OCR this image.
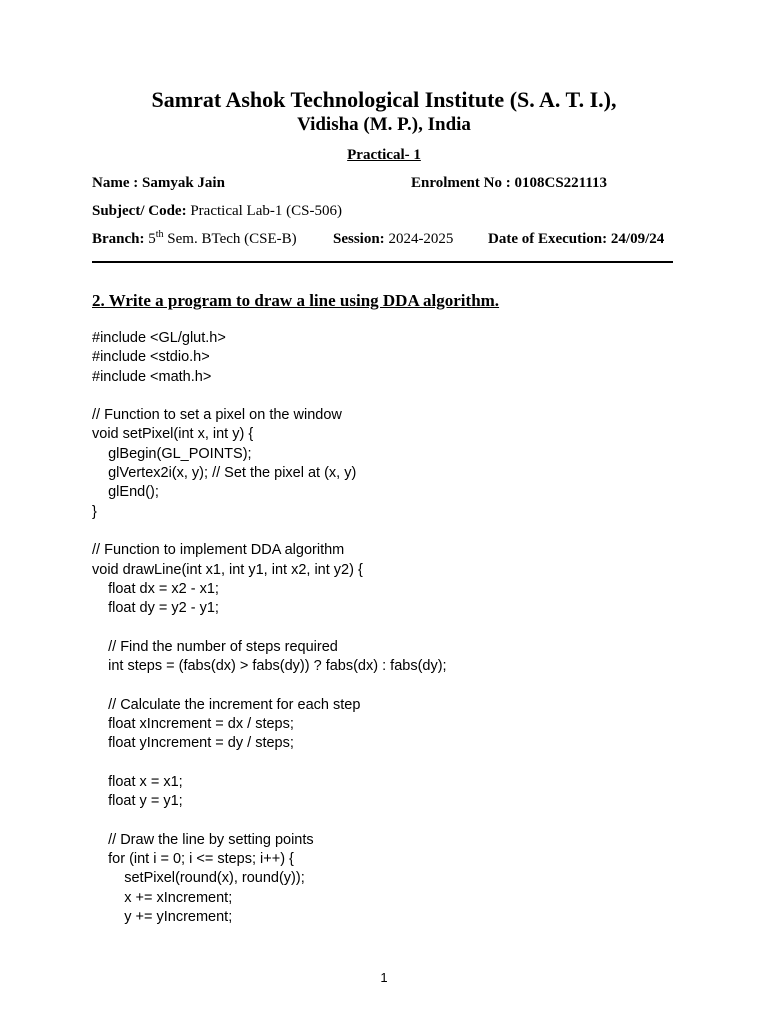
Samrat Ashok Technological Institute (S. A. T. I.),
Vidisha (M. P.), India
Practical- 1
Name : Samyak Jain	Enrolment No : 0108CS221113
Subject/ Code: Practical Lab-1 (CS-506)
Branch: 5th Sem. BTech (CSE-B) Session: 2024-2025 Date of Execution: 24/09/24
2. Write a program to draw a line using DDA algorithm.
#include <GL/glut.h>
#include <stdio.h>
#include <math.h>
// Function to set a pixel on the window
void setPixel(int x, int y) {
glBegin(GL_POINTS);
glVertex2i(x, y); // Set the pixel at (x, y)
glEnd();
}
// Function to implement DDA algorithm
void drawLine(int x1, int y1, int x2, int y2) {
float dx = x2 - x1;
float dy = y2 - y1;
// Find the number of steps required
int steps = (fabs(dx) > fabs(dy)) ? fabs(dx) : fabs(dy);
// Calculate the increment for each step
float xIncrement = dx / steps;
float yIncrement = dy / steps;
float x = x1;
float y = y1;
// Draw the line by setting points
for (int i = 0; i <= steps; i++) {
setPixel(round(x), round(y));
x += xIncrement;
y += yIncrement;
1
